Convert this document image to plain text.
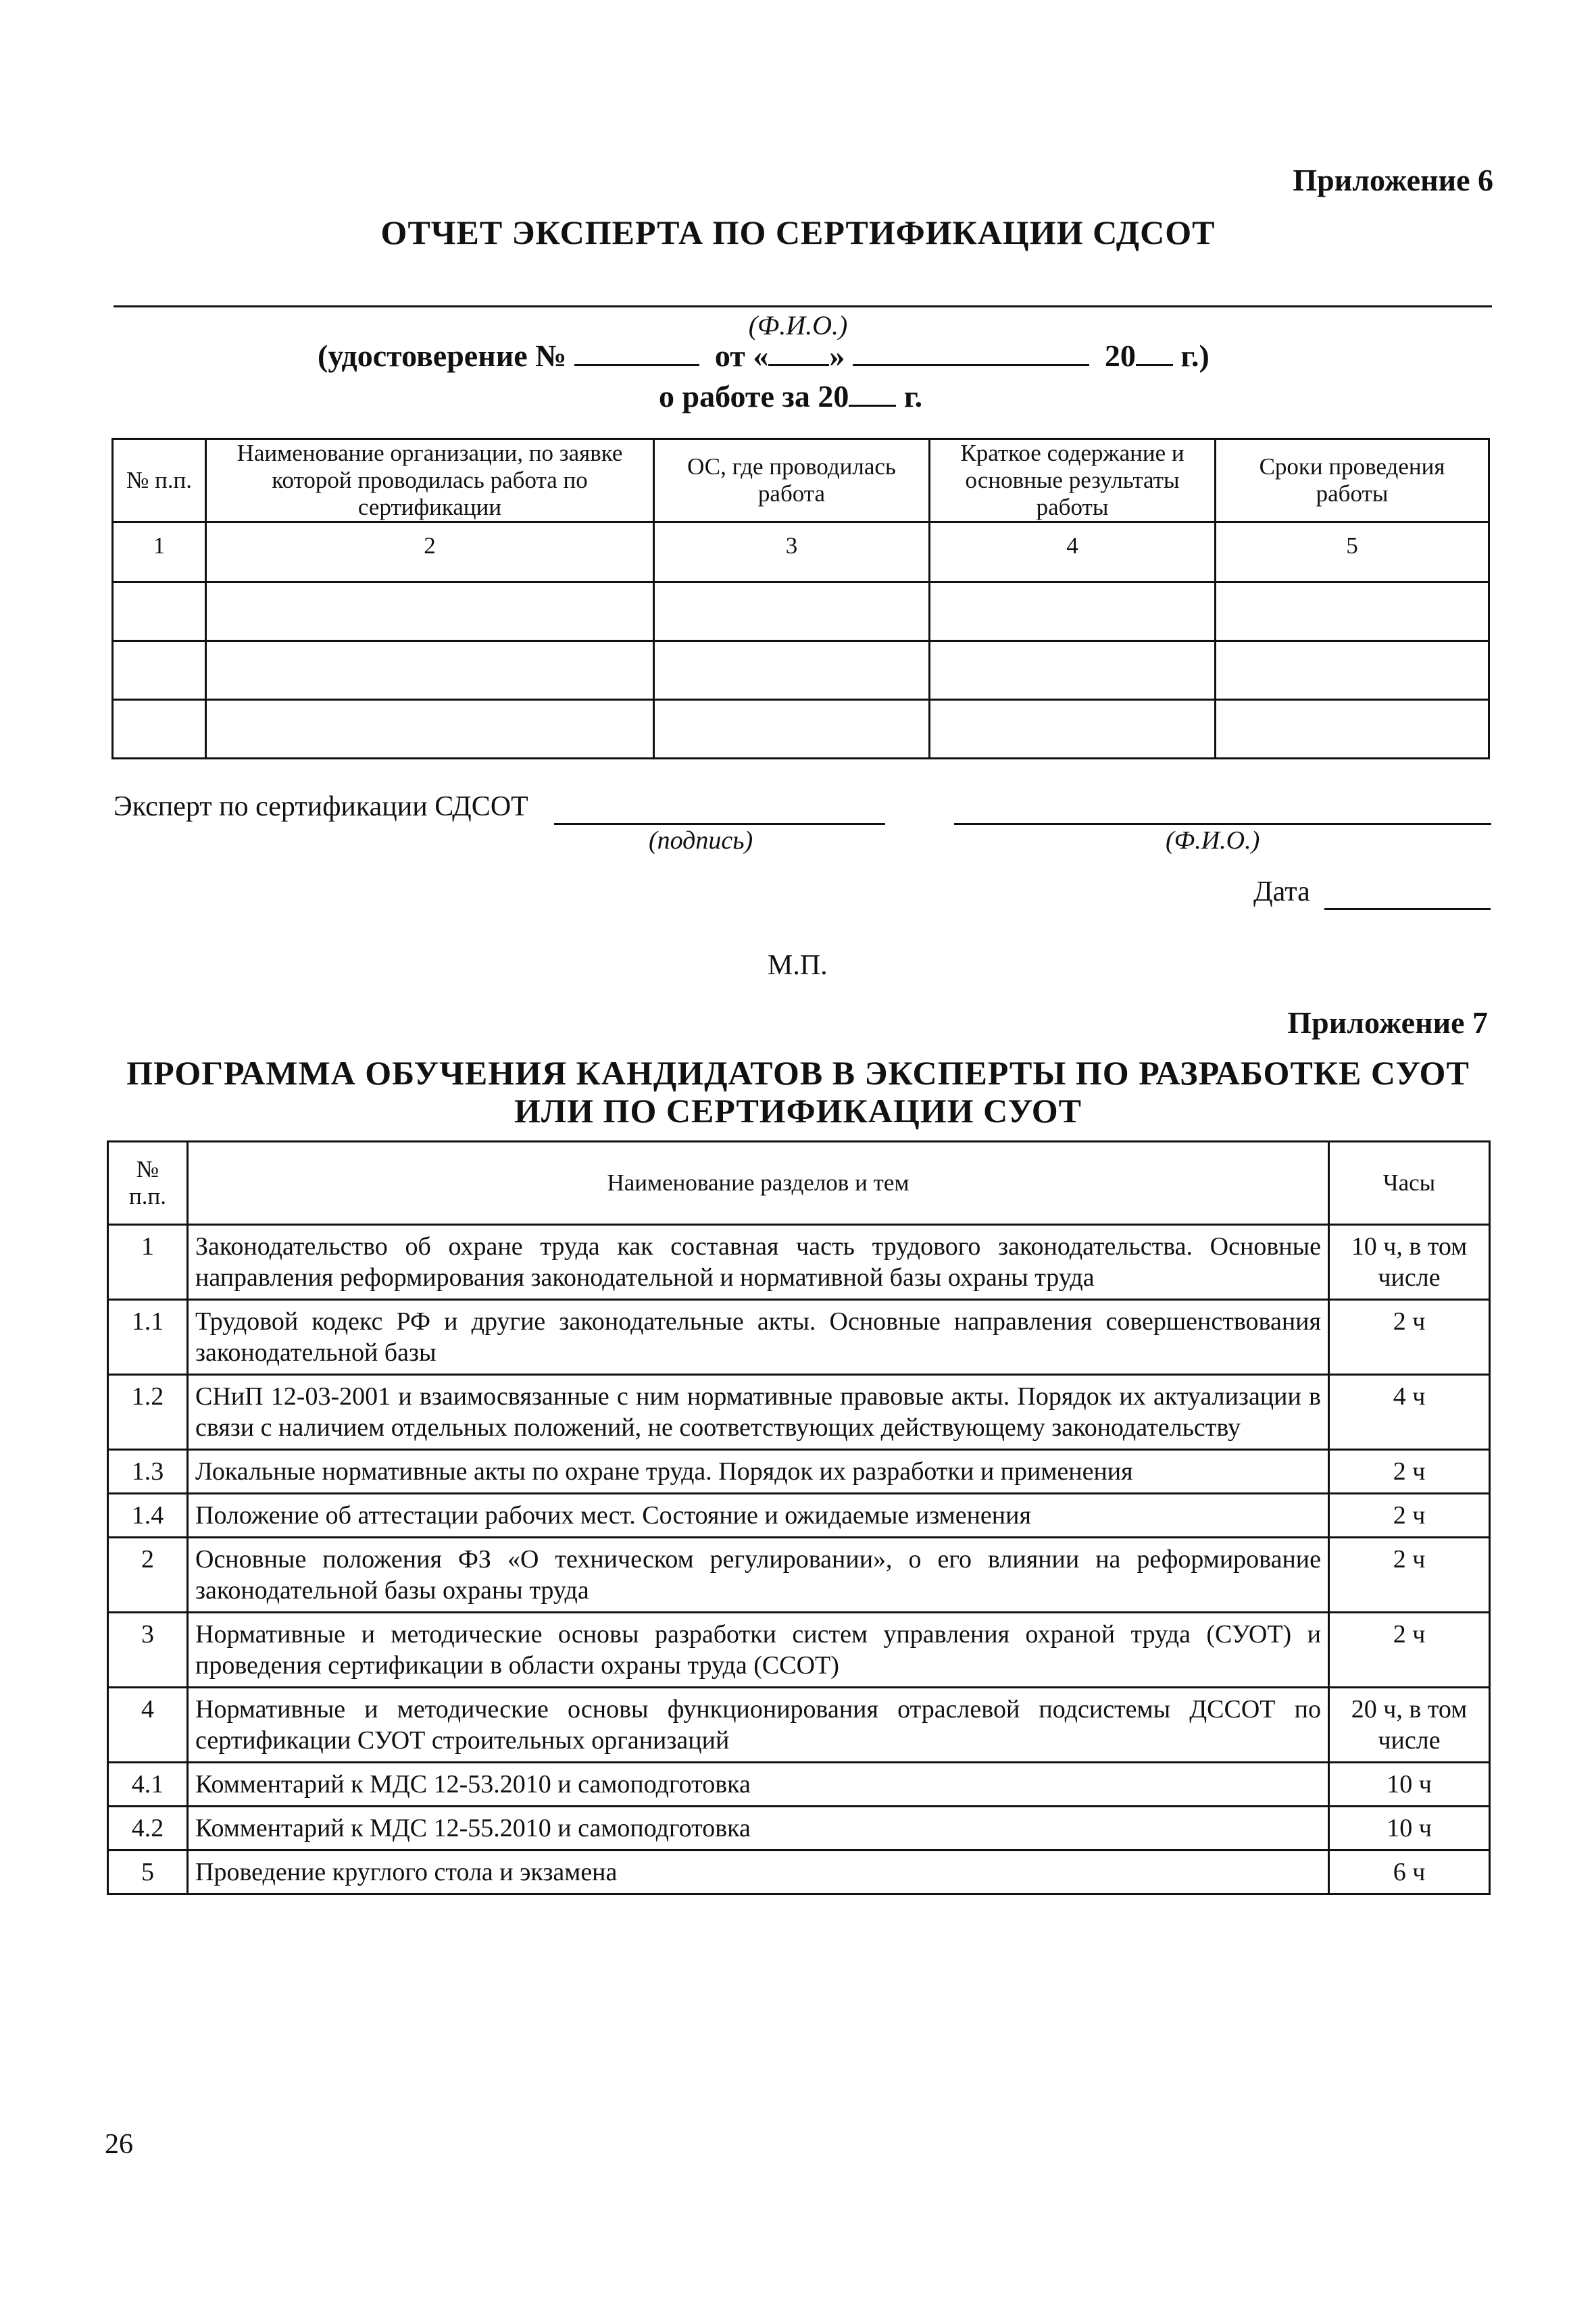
Приложение 6
ОТЧЕТ ЭКСПЕРТА ПО СЕРТИФИКАЦИИ СДСОТ
(Ф.И.О.)
(удостоверение №	от « »	20 г.)
о работе за 20 г.
№ п.п.	Наименование организации, по заявке которой проводилась работа по сертификации	ОС, где проводилась работа	Краткое содержание и основные результаты работы	Сроки проведения работы
1	2	3	4	5

Эксперт по сертификации СДСОТ
(подпись)	(Ф.И.О.)
Дата
М.П.
Приложение 7
ПРОГРАММА ОБУЧЕНИЯ КАНДИДАТОВ В ЭКСПЕРТЫ ПО РАЗРАБОТКЕ СУОТ
ИЛИ ПО СЕРТИФИКАЦИИ СУОТ
№ п.п.	Наименование разделов и тем	Часы
1	Законодательство об охране труда как составная часть трудового законодательства. Основные направления реформирования законодательной и нормативной базы охраны труда	10 ч, в том числе
1.1	Трудовой кодекс РФ и другие законодательные акты. Основные направления совершенствования законодательной базы	2 ч
1.2	СНиП 12-03-2001 и взаимосвязанные с ним нормативные правовые акты. Порядок их актуализации в связи с наличием отдельных положений, не соответствующих действующему законодательству	4 ч
1.3	Локальные нормативные акты по охране труда. Порядок их разработки и применения	2 ч
1.4	Положение об аттестации рабочих мест. Состояние и ожидаемые изменения	2 ч
2	Основные положения ФЗ «О техническом регулировании», о его влиянии на реформирование законодательной базы охраны труда	2 ч
3	Нормативные и методические основы разработки систем управления охраной труда (СУОТ) и проведения сертификации в области охраны труда (ССОТ)	2 ч
4	Нормативные и методические основы функционирования отраслевой подсистемы ДССОТ по сертификации СУОТ строительных организаций	20 ч, в том числе
4.1	Комментарий к МДС 12-53.2010 и самоподготовка	10 ч
4.2	Комментарий к МДС 12-55.2010 и самоподготовка	10 ч
5	Проведение круглого стола и экзамена	6 ч
26
